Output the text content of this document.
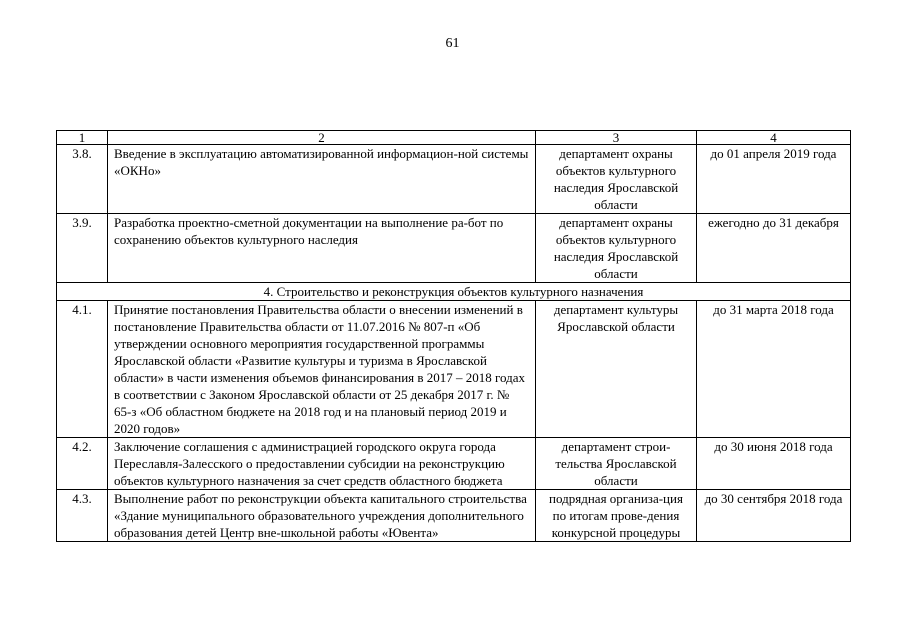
61
1	2	3	4
3.8.	Введение в эксплуатацию автоматизированной информацион-ной системы «ОКНо»	департамент охраны объектов культурного наследия Ярославской области	до 01 апреля 2019 года
3.9.	Разработка проектно-сметной документации на выполнение ра-бот по сохранению объектов культурного наследия	департамент охраны объектов культурного наследия Ярославской области	ежегодно до 31 декабря
4. Строительство и реконструкция объектов культурного назначения			
4.1.	Принятие постановления Правительства области о внесении изменений в постановление Правительства области от 11.07.2016 № 807-п «Об утверждении основного мероприятия государственной программы Ярославской области «Развитие культуры и туризма в Ярославской области» в части изменения объемов финансирования в 2017 – 2018 годах в соответствии с Законом Ярославской области от 25 декабря 2017 г. № 65-з «Об областном бюджете на 2018 год и на плановый период 2019 и 2020 годов»	департамент культуры Ярославской области	до 31 марта 2018 года
4.2.	Заключение соглашения с администрацией городского округа города Переславля-Залесского о предоставлении субсидии на реконструкцию объектов культурного назначения за счет средств областного бюджета	департамент строи-тельства Ярославской области	до 30 июня 2018 года
4.3.	Выполнение работ по реконструкции объекта капитального строительства «Здание муниципального образовательного учреждения дополнительного образования детей Центр вне-школьной работы «Ювента»	подрядная организа-ция по итогам прове-дения конкурсной процедуры	до 30 сентября 2018 года
